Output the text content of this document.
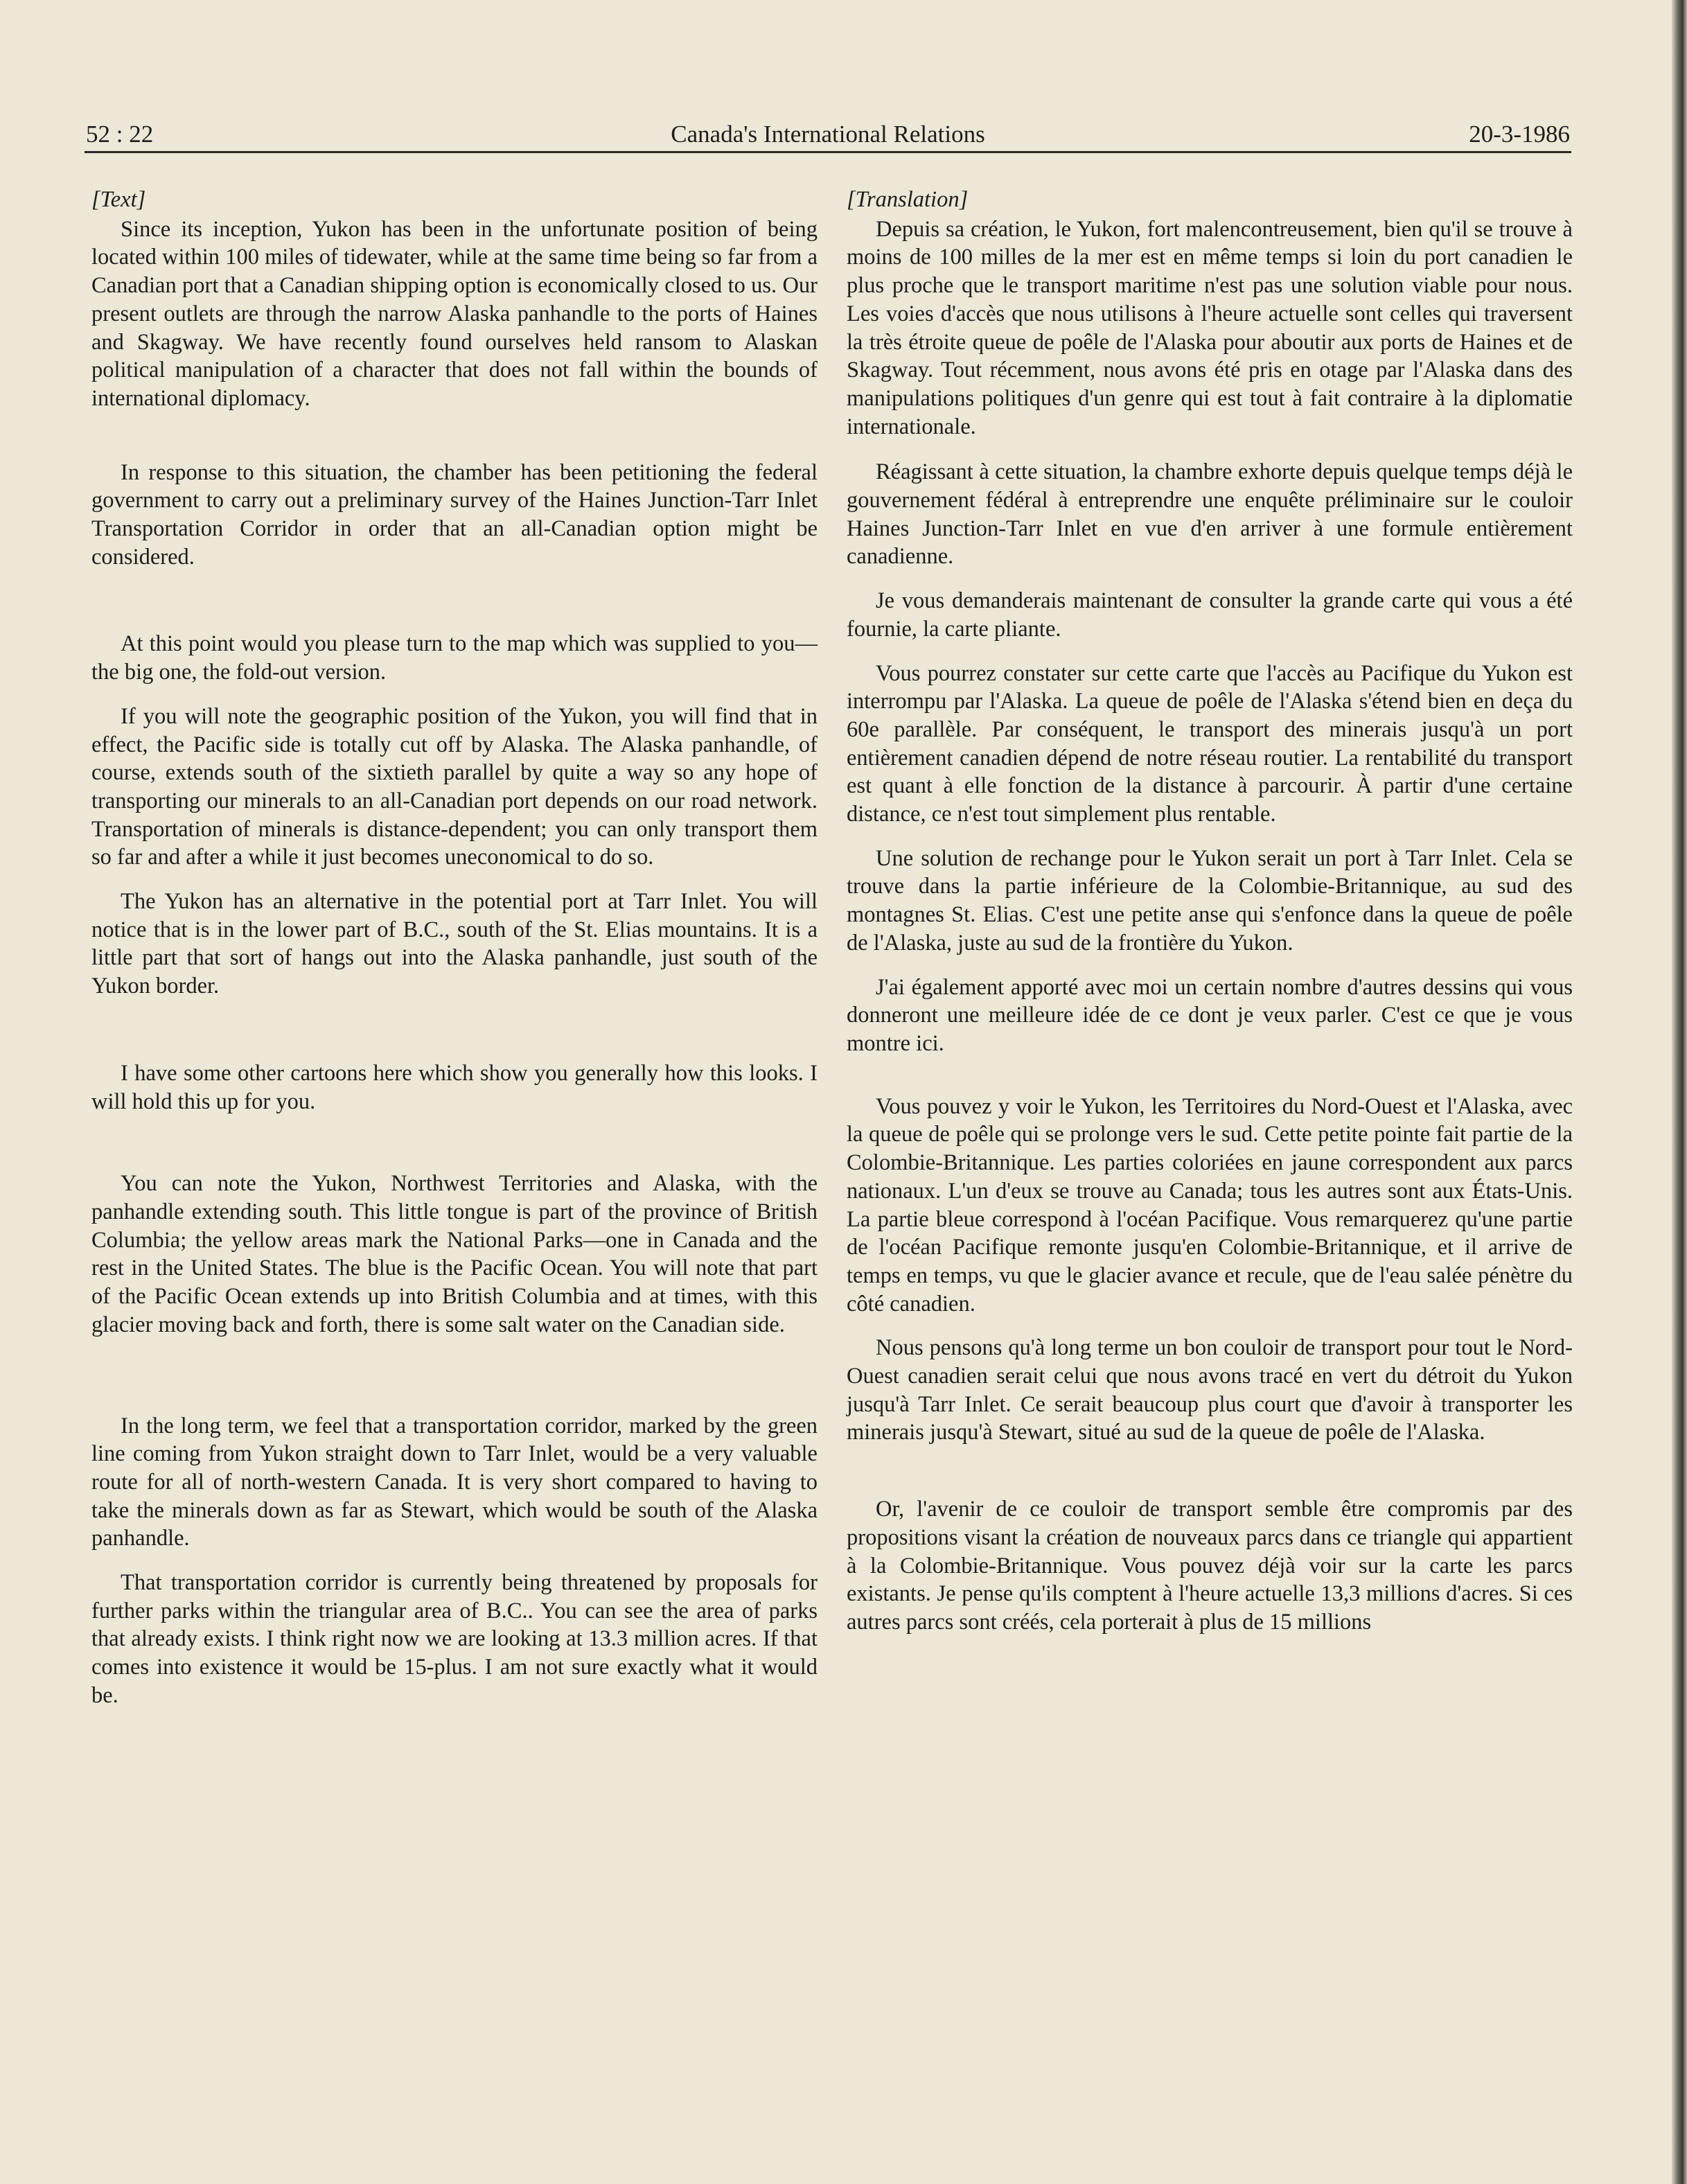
Canada's International Relations
52 : 22	20-3-1986
[Text]

Since its inception, Yukon has been in the unfortunate position of being located within 100 miles of tidewater, while at the same time being so far from a Canadian port that a Canadian shipping option is economically closed to us. Our present outlets are through the narrow Alaska panhandle to the ports of Haines and Skagway. We have recently found ourselves held ransom to Alaskan political manipulation of a character that does not fall within the bounds of international diplomacy.

In response to this situation, the chamber has been petitioning the federal government to carry out a preliminary survey of the Haines Junction-Tarr Inlet Transportation Corridor in order that an all-Canadian option might be considered.

At this point would you please turn to the map which was supplied to you—the big one, the fold-out version.

If you will note the geographic position of the Yukon, you will find that in effect, the Pacific side is totally cut off by Alaska. The Alaska panhandle, of course, extends south of the sixtieth parallel by quite a way so any hope of transporting our minerals to an all-Canadian port depends on our road network. Transportation of minerals is distance-dependent; you can only transport them so far and after a while it just becomes uneconomical to do so.

The Yukon has an alternative in the potential port at Tarr Inlet. You will notice that is in the lower part of B.C., south of the St. Elias mountains. It is a little part that sort of hangs out into the Alaska panhandle, just south of the Yukon border.

I have some other cartoons here which show you generally how this looks. I will hold this up for you.

You can note the Yukon, Northwest Territories and Alaska, with the panhandle extending south. This little tongue is part of the province of British Columbia; the yellow areas mark the National Parks—one in Canada and the rest in the United States. The blue is the Pacific Ocean. You will note that part of the Pacific Ocean extends up into British Columbia and at times, with this glacier moving back and forth, there is some salt water on the Canadian side.

In the long term, we feel that a transportation corridor, marked by the green line coming from Yukon straight down to Tarr Inlet, would be a very valuable route for all of north-western Canada. It is very short compared to having to take the minerals down as far as Stewart, which would be south of the Alaska panhandle.

That transportation corridor is currently being threatened by proposals for further parks within the triangular area of B.C.. You can see the area of parks that already exists. I think right now we are looking at 13.3 million acres. If that comes into existence it would be 15-plus. I am not sure exactly what it would be.

[Translation]

Depuis sa création, le Yukon, fort malencontreusement, bien qu'il se trouve à moins de 100 milles de la mer est en même temps si loin du port canadien le plus proche que le transport maritime n'est pas une solution viable pour nous. Les voies d'accès que nous utilisons à l'heure actuelle sont celles qui traversent la très étroite queue de poêle de l'Alaska pour aboutir aux ports de Haines et de Skagway. Tout récemment, nous avons été pris en otage par l'Alaska dans des manipulations politiques d'un genre qui est tout à fait contraire à la diplomatie internationale.

Réagissant à cette situation, la chambre exhorte depuis quelque temps déjà le gouvernement fédéral à entreprendre une enquête préliminaire sur le couloir Haines Junction-Tarr Inlet en vue d'en arriver à une formule entièrement canadienne.

Je vous demanderais maintenant de consulter la grande carte qui vous a été fournie, la carte pliante.

Vous pourrez constater sur cette carte que l'accès au Pacifique du Yukon est interrompu par l'Alaska. La queue de poêle de l'Alaska s'étend bien en deça du 60e parallèle. Par conséquent, le transport des minerais jusqu'à un port entièrement canadien dépend de notre réseau routier. La rentabilité du transport est quant à elle fonction de la distance à parcourir. À partir d'une certaine distance, ce n'est tout simplement plus rentable.

Une solution de rechange pour le Yukon serait un port à Tarr Inlet. Cela se trouve dans la partie inférieure de la Colombie-Britannique, au sud des montagnes St. Elias. C'est une petite anse qui s'enfonce dans la queue de poêle de l'Alaska, juste au sud de la frontière du Yukon.

J'ai également apporté avec moi un certain nombre d'autres dessins qui vous donneront une meilleure idée de ce dont je veux parler. C'est ce que je vous montre ici.

Vous pouvez y voir le Yukon, les Territoires du Nord-Ouest et l'Alaska, avec la queue de poêle qui se prolonge vers le sud. Cette petite pointe fait partie de la Colombie-Britannique. Les parties coloriées en jaune correspondent aux parcs nationaux. L'un d'eux se trouve au Canada; tous les autres sont aux États-Unis. La partie bleue correspond à l'océan Pacifique. Vous remarquerez qu'une partie de l'océan Pacifique remonte jusqu'en Colombie-Britannique, et il arrive de temps en temps, vu que le glacier avance et recule, que de l'eau salée pénètre du côté canadien.

Nous pensons qu'à long terme un bon couloir de transport pour tout le Nord-Ouest canadien serait celui que nous avons tracé en vert du détroit du Yukon jusqu'à Tarr Inlet. Ce serait beaucoup plus court que d'avoir à transporter les minerais jusqu'à Stewart, situé au sud de la queue de poêle de l'Alaska.

Or, l'avenir de ce couloir de transport semble être compromis par des propositions visant la création de nouveaux parcs dans ce triangle qui appartient à la Colombie-Britannique. Vous pouvez déjà voir sur la carte les parcs existants. Je pense qu'ils comptent à l'heure actuelle 13,3 millions d'acres. Si ces autres parcs sont créés, cela porterait à plus de 15 millions
